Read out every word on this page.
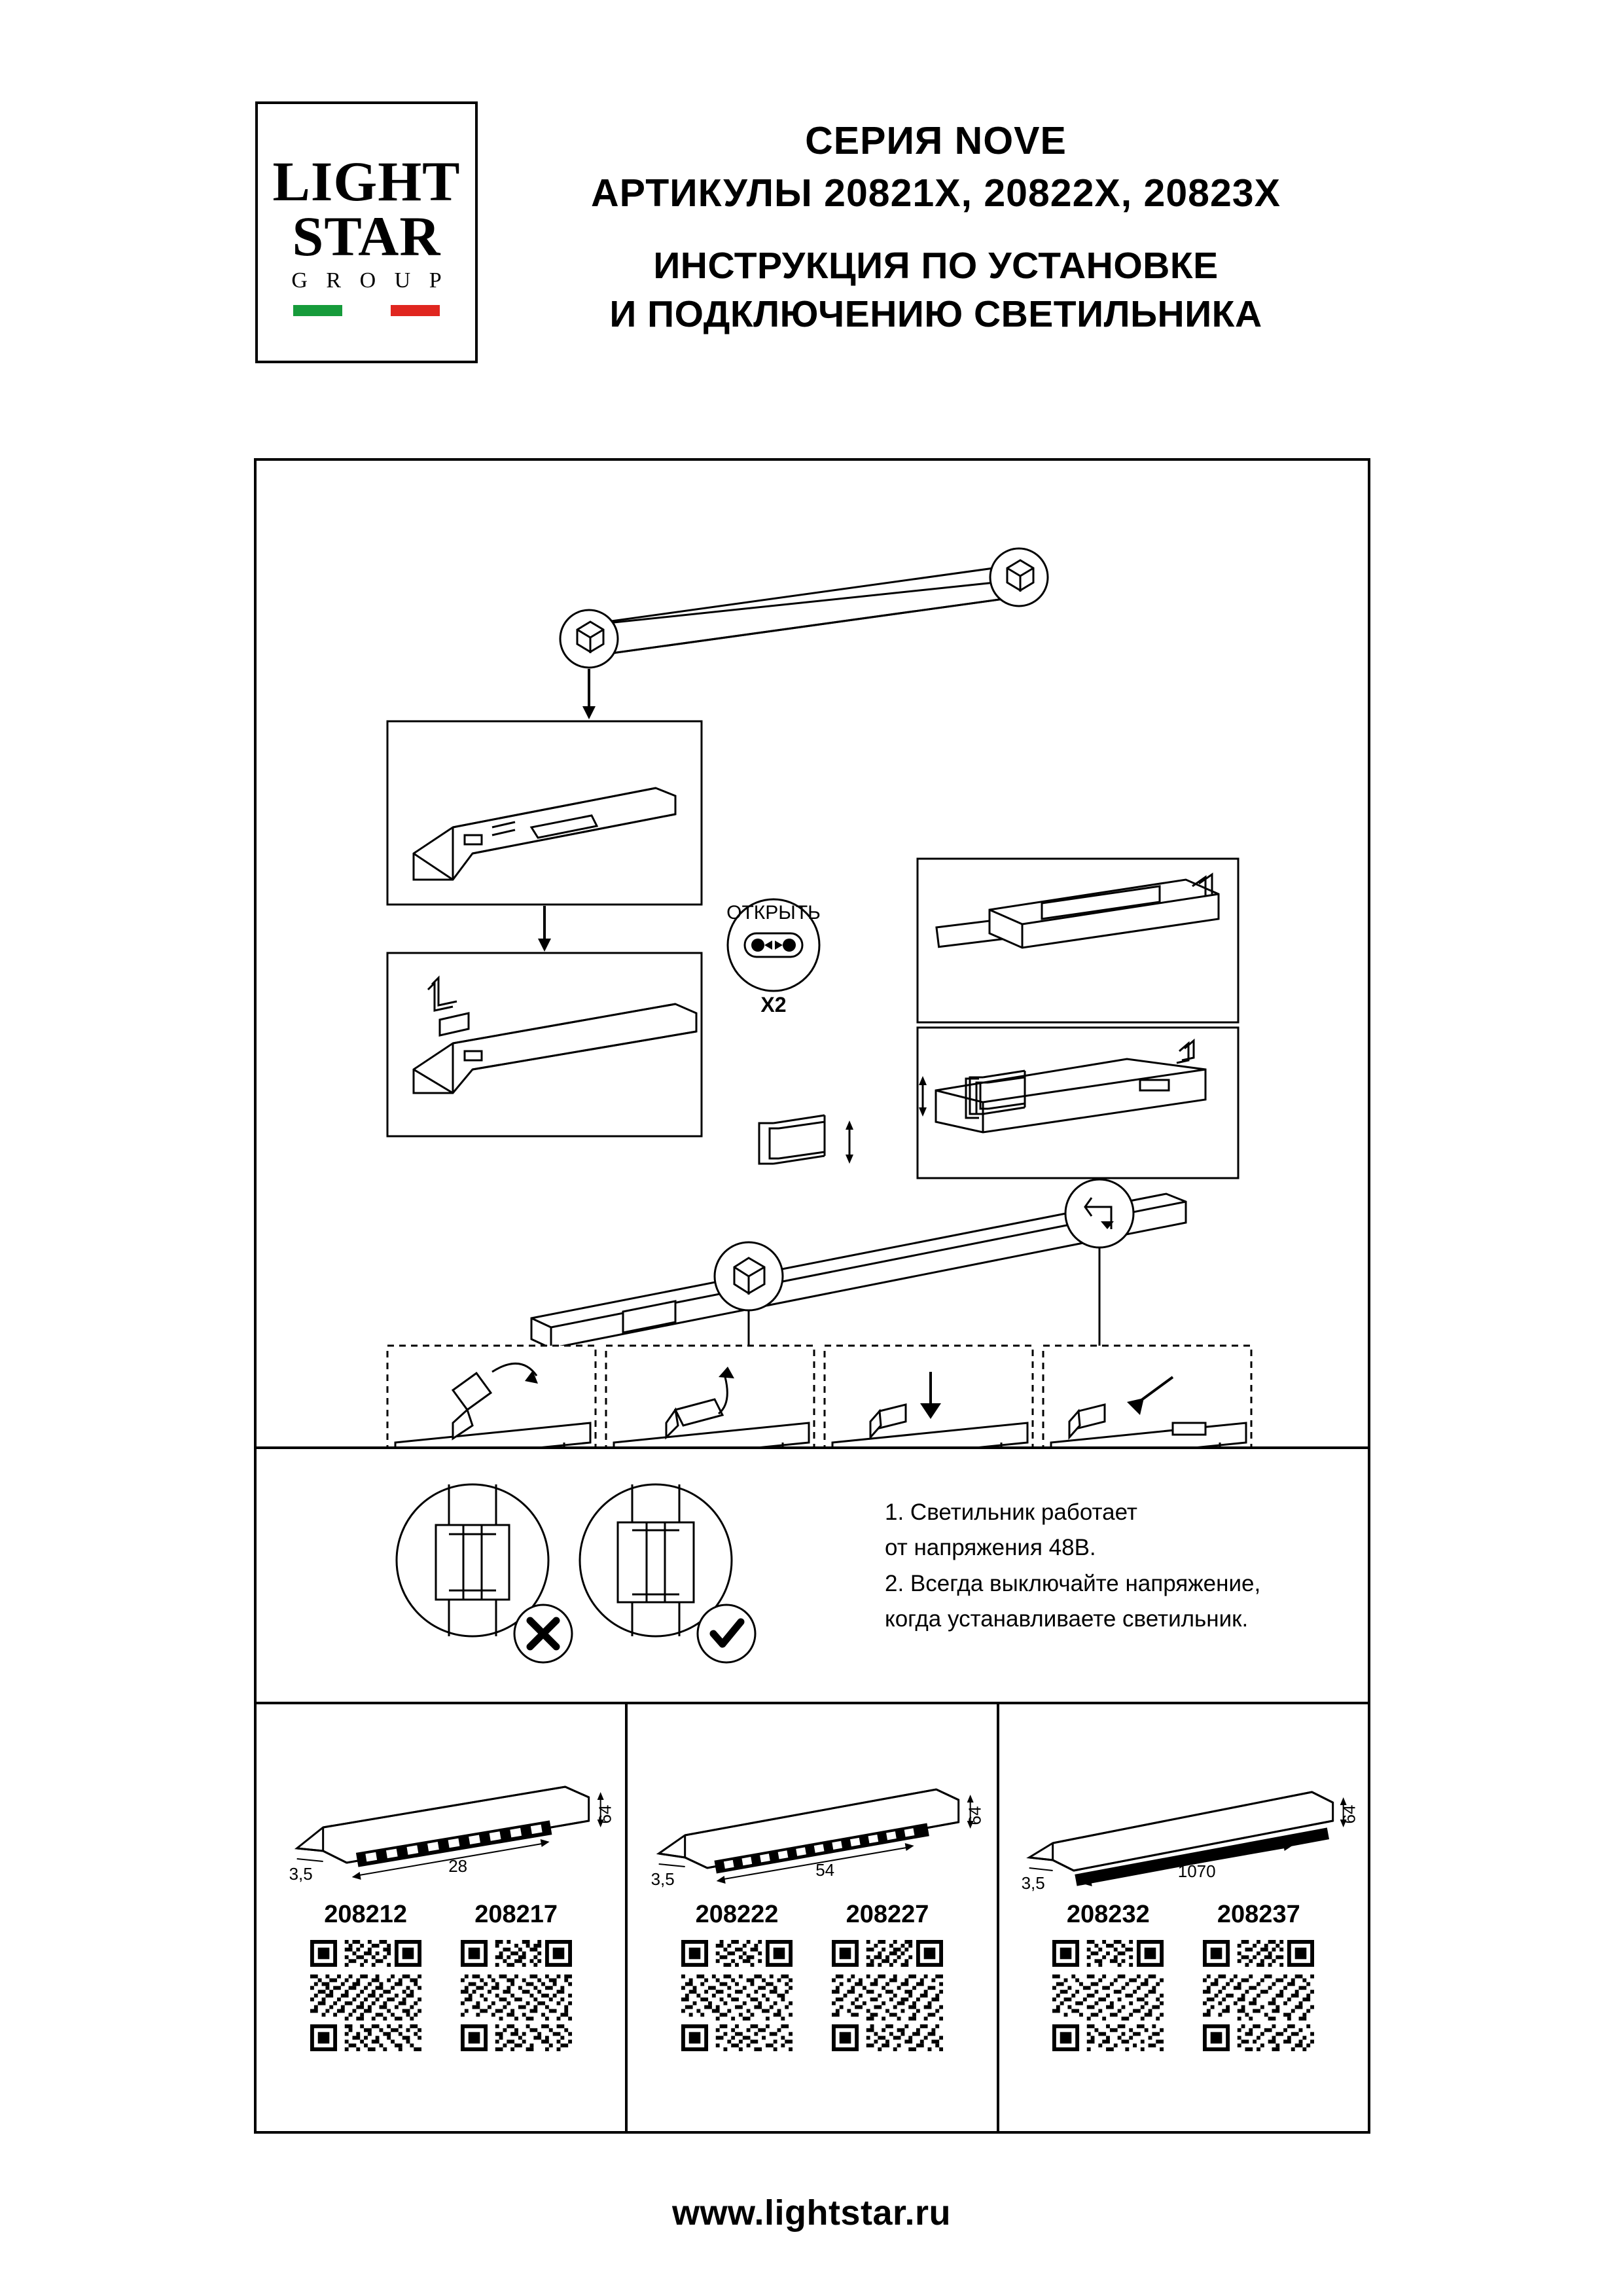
LIGHT
STAR
G R O U P
СЕРИЯ NOVE
АРТИКУЛЫ 20821X, 20822X, 20823X
ИНСТРУКЦИЯ ПО УСТАНОВКЕ
И ПОДКЛЮЧЕНИЮ СВЕТИЛЬНИКА
ОТКРЫТЬ
X2
1. Светильник работает
от напряжения 48В.
2. Всегда выключайте напряжение,
когда устанавливаете светильник.
64
28
3,5
208212	208217
64
54
3,5
208222	208227
64
1070
3,5
208232	208237
www.lightstar.ru
